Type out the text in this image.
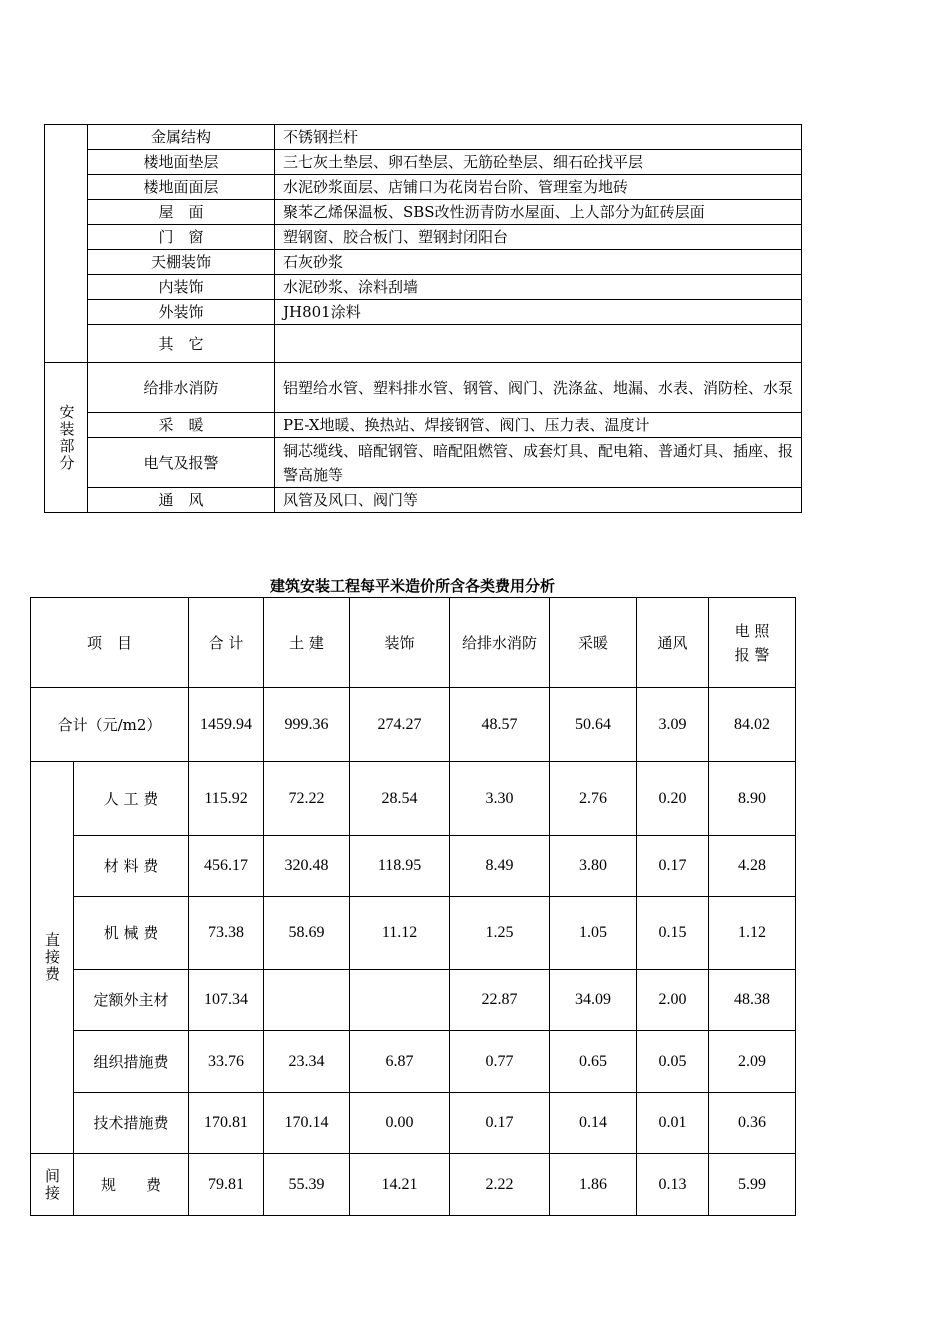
	金属结构	不锈钢拦杆
	楼地面垫层	三七灰土垫层、卵石垫层、无筋砼垫层、细石砼找平层
	楼地面面层	水泥砂浆面层、店铺口为花岗岩台阶、管理室为地砖
	屋　面	聚苯乙烯保温板、SBS改性沥青防水屋面、上人部分为缸砖层面
	门　窗	塑钢窗、胶合板门、塑钢封闭阳台
	天棚装饰	石灰砂浆
	内装饰	水泥砂浆、涂料刮墙
	外装饰	JH801涂料
	其　它	
安装部分	给排水消防	铝塑给水管、塑料排水管、钢管、阀门、洗涤盆、地漏、水表、消防栓、水泵
	采　暖	PE-X地暖、换热站、焊接钢管、阀门、压力表、温度计
	电气及报警	铜芯缆线、暗配钢管、暗配阻燃管、成套灯具、配电箱、普通灯具、插座、报警高施等
	通　风	风管及风口、阀门等
建筑安装工程每平米造价所含各类费用分析
项　目		合 计	土 建	装饰	给排水消防	采暖	通风	电 照报 警
合计（元/m2）		1459.94	999.36	274.27	48.57	50.64	3.09	84.02
直接费	人 工 费	115.92	72.22	28.54	3.30	2.76	0.20	8.90
	材 料 费	456.17	320.48	118.95	8.49	3.80	0.17	4.28
	机 械 费	73.38	58.69	11.12	1.25	1.05	0.15	1.12
	定额外主材	107.34			22.87	34.09	2.00	48.38
	组织措施费	33.76	23.34	6.87	0.77	0.65	0.05	2.09
	技术措施费	170.81	170.14	0.00	0.17	0.14	0.01	0.36
间接	规　　费	79.81	55.39	14.21	2.22	1.86	0.13	5.99
